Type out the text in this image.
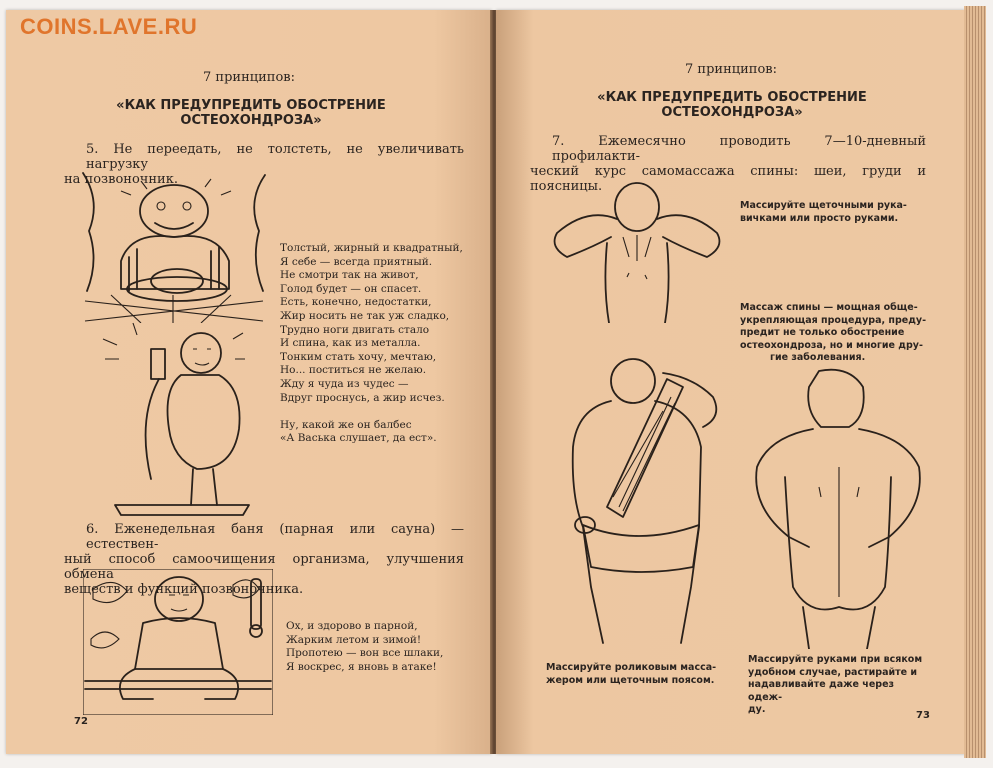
7 принципов:
«КАК ПРЕДУПРЕДИТЬ ОБОСТРЕНИЕ
ОСТЕОХОНДРОЗА»
5. Не переедать, не толстеть, не увеличивать нагрузку
на позвоночник.
Толстый, жирный и квадратный,
Я себе — всегда приятный.
Не смотри так на живот,
Голод будет — он спасет.
Есть, конечно, недостатки,
Жир носить не так уж сладко,
Трудно ноги двигать стало
И спина, как из металла.
Тонким стать хочу, мечтаю,
Но... поститься не желаю.
Жду я чуда из чудес —
Вдруг проснусь, а жир исчез.
Ну, какой же он балбес
«А Васька слушает, да ест».
6. Еженедельная баня (парная или сауна) — естествен-
ный способ самоочищения организма, улучшения обмена
веществ и функций позвоночника.
Ох, и здорово в парной,
Жарким летом и зимой!
Пропотею — вон все шлаки,
Я воскрес, я вновь в атаке!
72
7 принципов:
«КАК ПРЕДУПРЕДИТЬ ОБОСТРЕНИЕ
ОСТЕОХОНДРОЗА»
7. Ежемесячно проводить 7—10-дневный профилакти-
ческий курс самомассажа спины: шеи, груди и поясницы.
Массируйте щеточными рука-
вичками или просто руками.
Массаж спины — мощная обще-
укрепляющая процедура, преду-
предит не только обострение
остеохондроза, но и многие дру-
гие заболевания.
Массируйте роликовым масса-
жером или щеточным поясом.
Массируйте руками при всяком
удобном случае, растирайте и
надавливайте даже через одеж-
ду.
73
COINS.LAVE.RU
